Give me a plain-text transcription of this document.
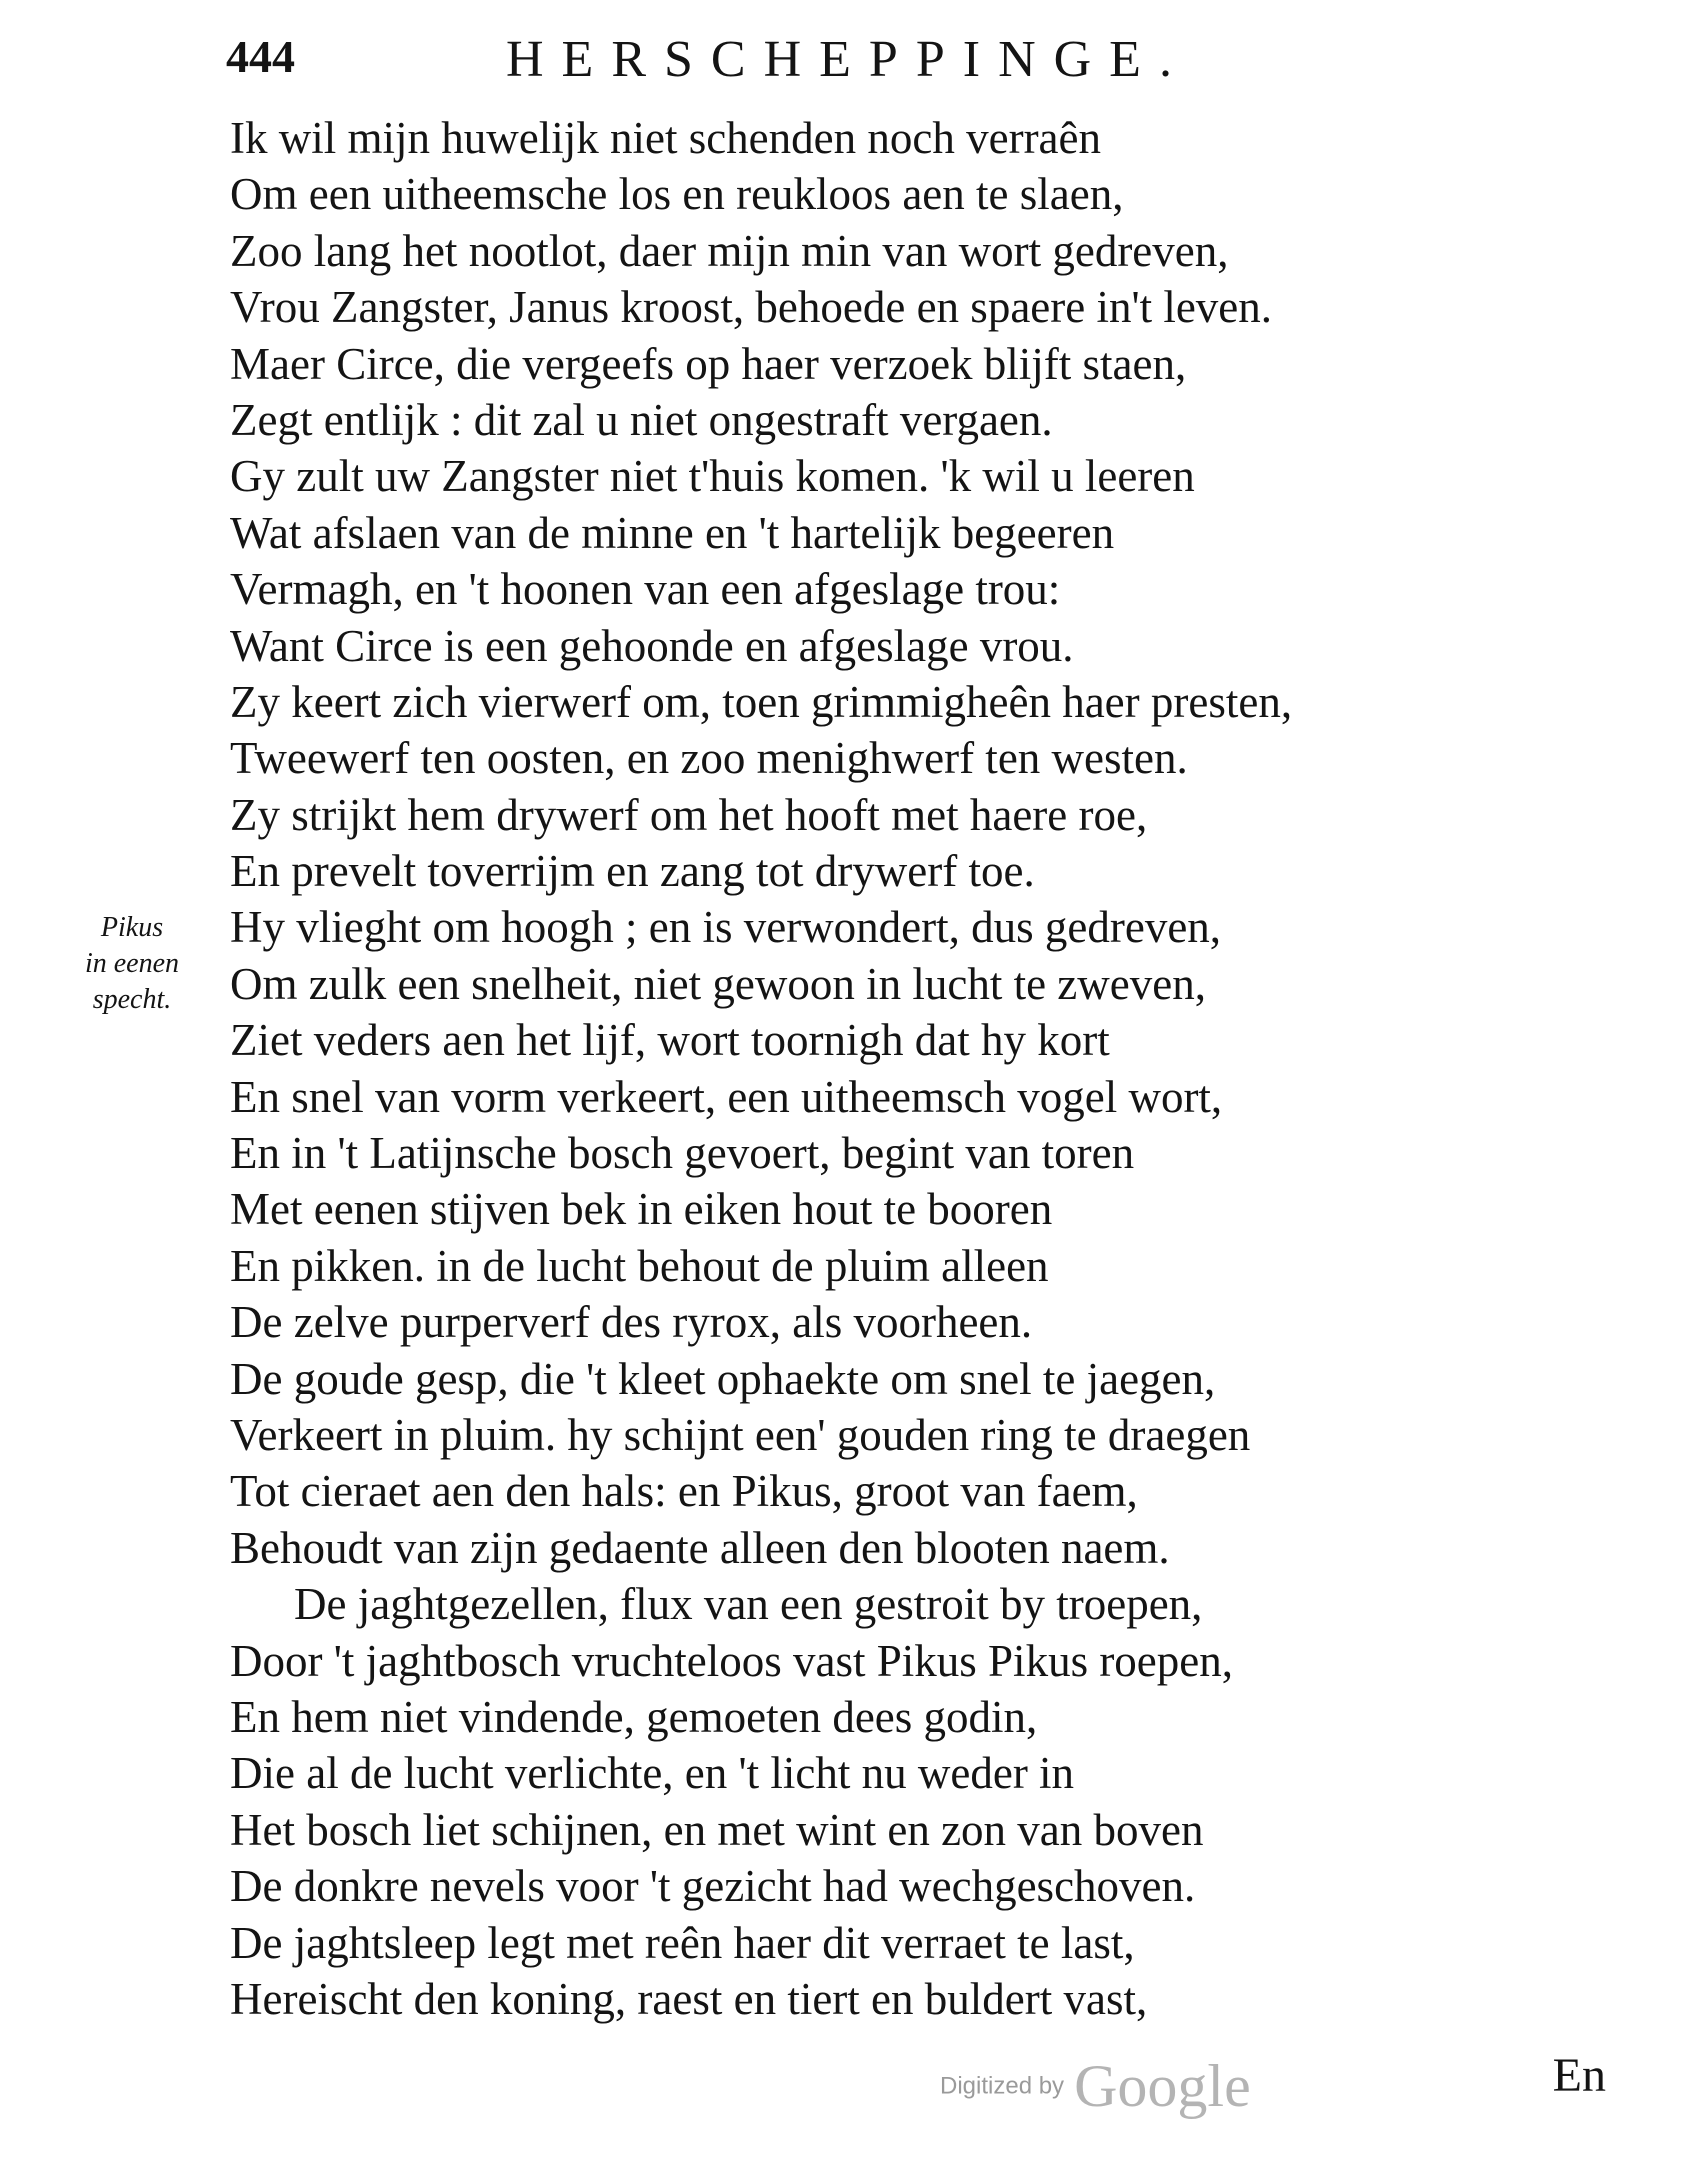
444	HERSCHEPPINGE.
Pikus
in eenen
specht.
Ik wil mijn huwelijk niet schenden noch verraên
Om een uitheemsche los en reukloos aen te slaen,
Zoo lang het nootlot, daer mijn min van wort gedreven,
Vrou Zangster, Janus kroost, behoede en spaere in't leven.
Maer Circe, die vergeefs op haer verzoek blijft staen,
Zegt entlijk : dit zal u niet ongestraft vergaen.
Gy zult uw Zangster niet t'huis komen. 'k wil u leeren
Wat afslaen van de minne en 't hartelijk begeeren
Vermagh, en 't hoonen van een afgeslage trou:
Want Circe is een gehoonde en afgeslage vrou.
Zy keert zich vierwerf om, toen grimmigheên haer presten,
Tweewerf ten oosten, en zoo menighwerf ten westen.
Zy strijkt hem drywerf om het hooft met haere roe,
En prevelt toverrijm en zang tot drywerf toe.
Hy vlieght om hoogh ; en is verwondert, dus gedreven,
Om zulk een snelheit, niet gewoon in lucht te zweven,
Ziet veders aen het lijf, wort toornigh dat hy kort
En snel van vorm verkeert, een uitheemsch vogel wort,
En in 't Latijnsche bosch gevoert, begint van toren
Met eenen stijven bek in eiken hout te booren
En pikken. in de lucht behout de pluim alleen
De zelve purperverf des ryrox, als voorheen.
De goude gesp, die 't kleet ophaekte om snel te jaegen,
Verkeert in pluim. hy schijnt een' gouden ring te draegen
Tot cieraet aen den hals: en Pikus, groot van faem,
Behoudt van zijn gedaente alleen den blooten naem.
De jaghtgezellen, flux van een gestroit by troepen,
Door 't jaghtbosch vruchteloos vast Pikus Pikus roepen,
En hem niet vindende, gemoeten dees godin,
Die al de lucht verlichte, en 't licht nu weder in
Het bosch liet schijnen, en met wint en zon van boven
De donkre nevels voor 't gezicht had wechgeschoven.
De jaghtsleep legt met reên haer dit verraet te last,
Hereischt den koning, raest en tiert en buldert vast,
Digitized by Google	En
